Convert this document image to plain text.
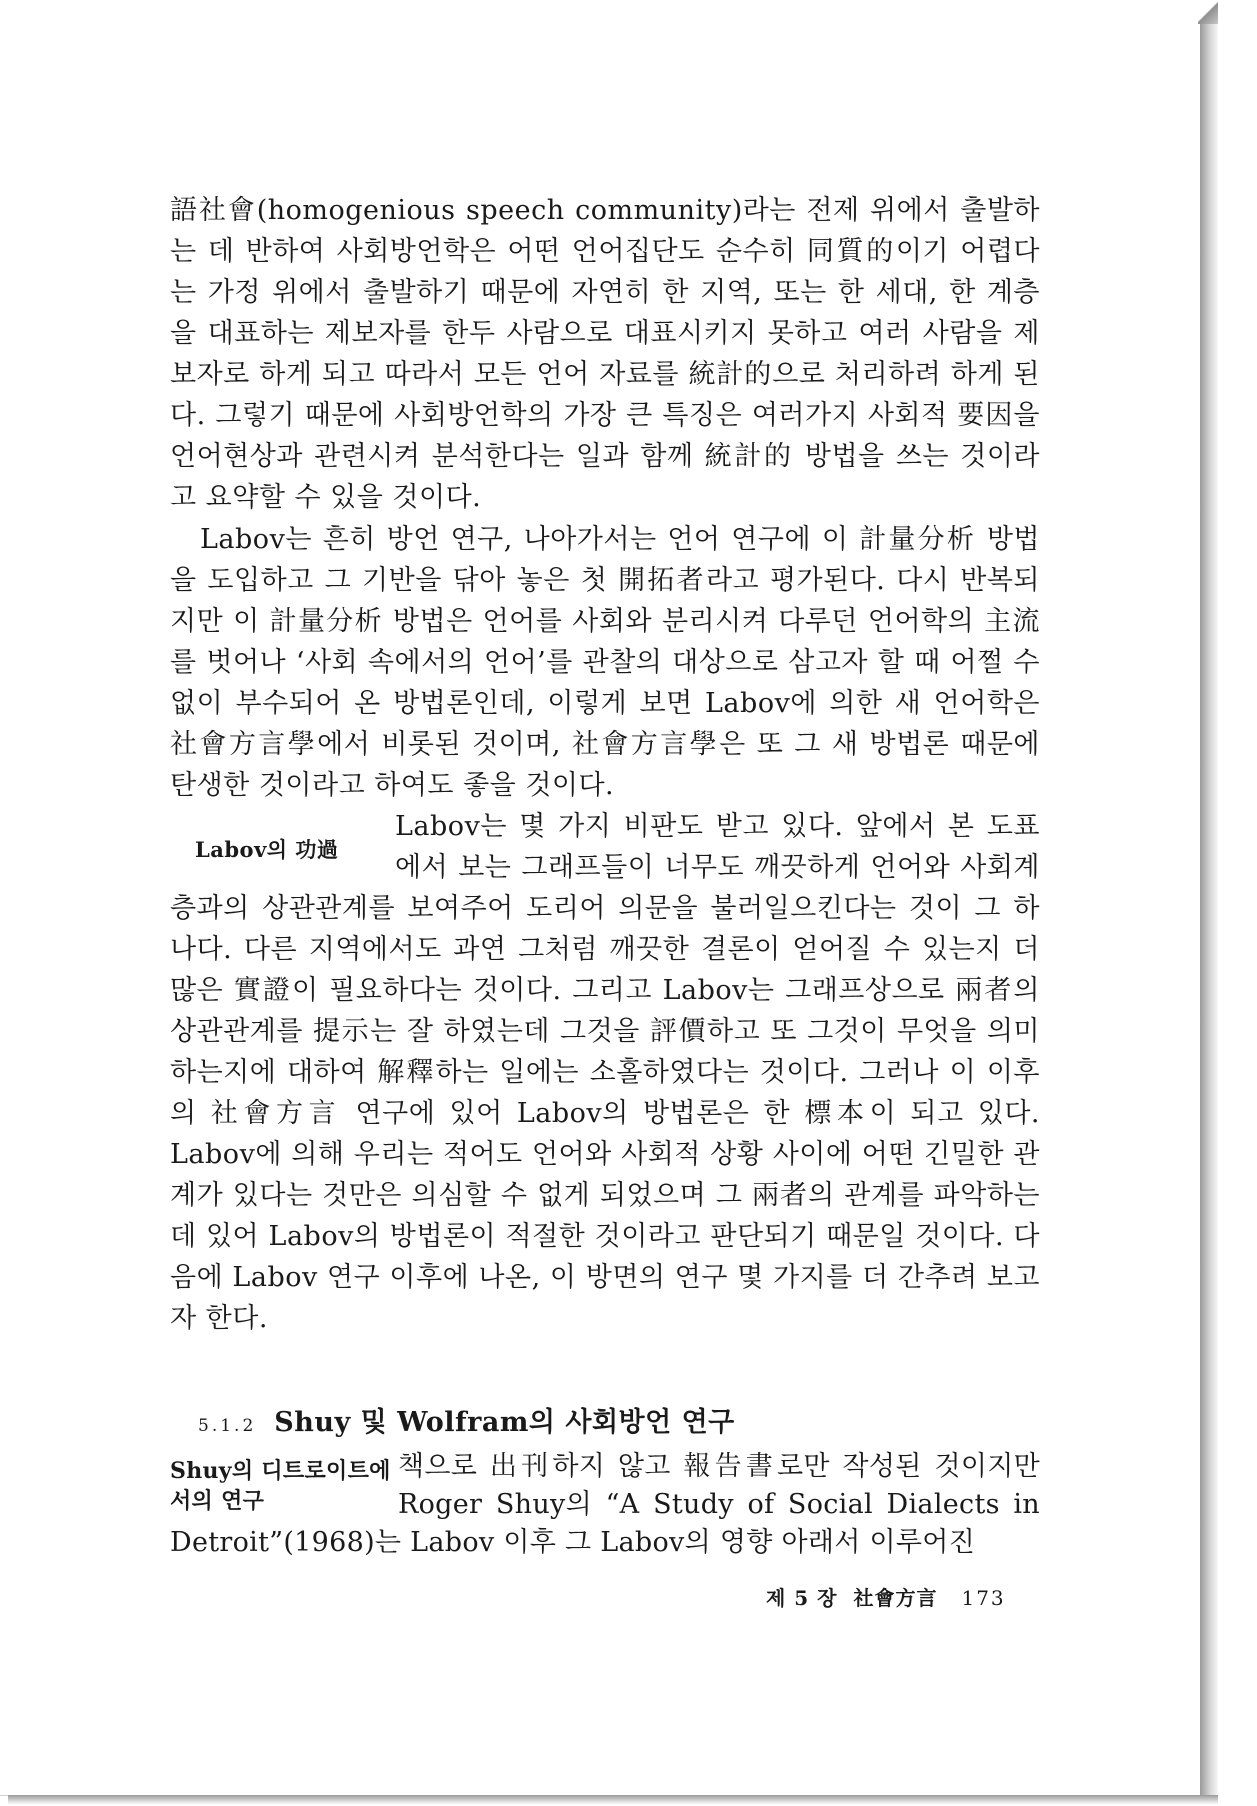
語社會(homogenious speech community)라는 전제 위에서 출발하는 데 반하여 사회방언학은 어떤 언어집단도 순수히 同質的이기 어렵다는 가정 위에서 출발하기 때문에 자연히 한 지역, 또는 한 세대, 한 계층을 대표하는 제보자를 한두 사람으로 대표시키지 못하고 여러 사람을 제보자로 하게 되고 따라서 모든 언어 자료를 統計的으로 처리하려 하게 된다. 그렇기 때문에 사회방언학의 가장 큰 특징은 여러가지 사회적 要因을 언어현상과 관련시켜 분석한다는 일과 함께 統計的 방법을 쓰는 것이라고 요약할 수 있을 것이다.

Labov는 흔히 방언 연구, 나아가서는 언어 연구에 이 計量分析 방법을 도입하고 그 기반을 닦아 놓은 첫 開拓者라고 평가된다. 다시 반복되지만 이 計量分析 방법은 언어를 사회와 분리시켜 다루던 언어학의 主流를 벗어나 ‘사회 속에서의 언어’를 관찰의 대상으로 삼고자 할 때 어쩔 수 없이 부수되어 온 방법론인데, 이렇게 보면 Labov에 의한 새 언어학은 社會方言學에서 비롯된 것이며, 社會方言學은 또 그 새 방법론 때문에 탄생한 것이라고 하여도 좋을 것이다.

Labov의 功過
Labov는 몇 가지 비판도 받고 있다. 앞에서 본 도표에서 보는 그래프들이 너무도 깨끗하게 언어와 사회계층과의 상관관계를 보여주어 도리어 의문을 불러일으킨다는 것이 그 하나다. 다른 지역에서도 과연 그처럼 깨끗한 결론이 얻어질 수 있는지 더 많은 實證이 필요하다는 것이다. 그리고 Labov는 그래프상으로 兩者의 상관관계를 提示는 잘 하였는데 그것을 評價하고 또 그것이 무엇을 의미하는지에 대하여 解釋하는 일에는 소홀하였다는 것이다. 그러나 이 이후의 社會方言 연구에 있어 Labov의 방법론은 한 標本이 되고 있다. Labov에 의해 우리는 적어도 언어와 사회적 상황 사이에 어떤 긴밀한 관계가 있다는 것만은 의심할 수 없게 되었으며 그 兩者의 관계를 파악하는 데 있어 Labov의 방법론이 적절한 것이라고 판단되기 때문일 것이다. 다음에 Labov 연구 이후에 나온, 이 방면의 연구 몇 가지를 더 간추려 보고자 한다.
5.1.2 Shuy 및 Wolfram의 사회방언 연구
Shuy의 디트로이트에서의 연구
책으로 出刊하지 않고 報告書로만 작성된 것이지만 Roger Shuy의 “A Study of Social Dialects in Detroit”(1968)는 Labov 이후 그 Labov의 영향 아래서 이루어진
제 5 장 社會方言 173
